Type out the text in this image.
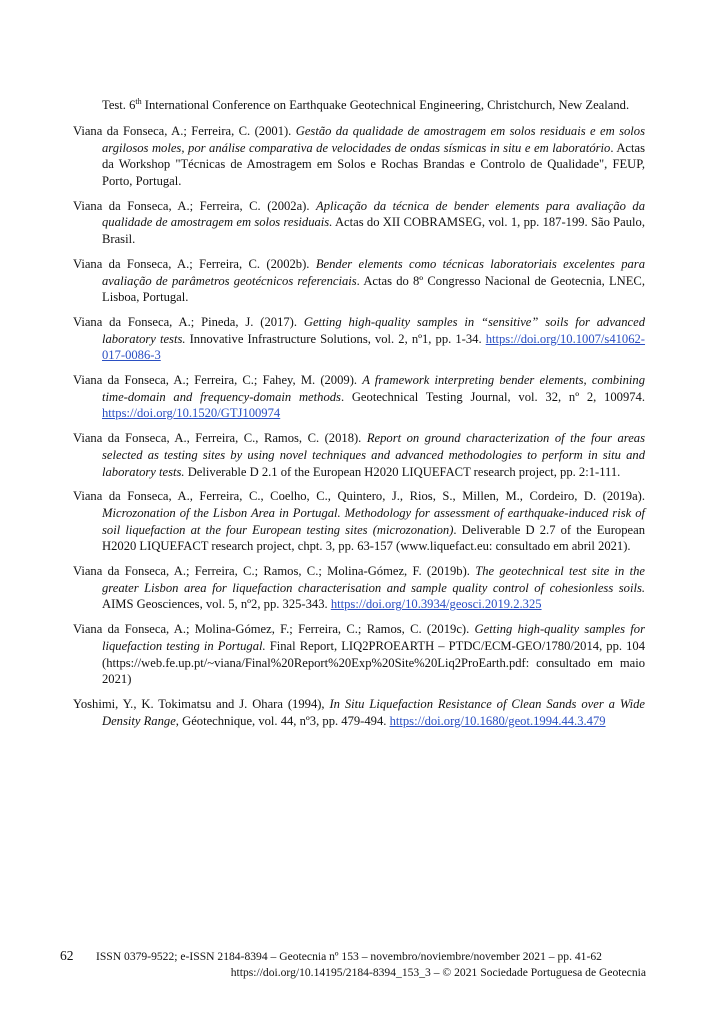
Test. 6th International Conference on Earthquake Geotechnical Engineering, Christchurch, New Zealand.

Viana da Fonseca, A.; Ferreira, C. (2001). Gestão da qualidade de amostragem em solos residuais e em solos argilosos moles, por análise comparativa de velocidades de ondas sísmicas in situ e em laboratório. Actas da Workshop "Técnicas de Amostragem em Solos e Rochas Brandas e Controlo de Qualidade", FEUP, Porto, Portugal.

Viana da Fonseca, A.; Ferreira, C. (2002a). Aplicação da técnica de bender elements para avaliação da qualidade de amostragem em solos residuais. Actas do XII COBRAMSEG, vol. 1, pp. 187-199. São Paulo, Brasil.

Viana da Fonseca, A.; Ferreira, C. (2002b). Bender elements como técnicas laboratoriais excelentes para avaliação de parâmetros geotécnicos referenciais. Actas do 8º Congresso Nacional de Geotecnia, LNEC, Lisboa, Portugal.

Viana da Fonseca, A.; Pineda, J. (2017). Getting high-quality samples in “sensitive” soils for advanced laboratory tests. Innovative Infrastructure Solutions, vol. 2, nº1, pp. 1-34. https://doi.org/10.1007/s41062-017-0086-3

Viana da Fonseca, A.; Ferreira, C.; Fahey, M. (2009). A framework interpreting bender elements, combining time-domain and frequency-domain methods. Geotechnical Testing Journal, vol. 32, nº 2, 100974. https://doi.org/10.1520/GTJ100974

Viana da Fonseca, A., Ferreira, C., Ramos, C. (2018). Report on ground characterization of the four areas selected as testing sites by using novel techniques and advanced methodologies to perform in situ and laboratory tests. Deliverable D 2.1 of the European H2020 LIQUEFACT research project, pp. 2:1-111.

Viana da Fonseca, A., Ferreira, C., Coelho, C., Quintero, J., Rios, S., Millen, M., Cordeiro, D. (2019a). Microzonation of the Lisbon Area in Portugal. Methodology for assessment of earthquake-induced risk of soil liquefaction at the four European testing sites (microzonation). Deliverable D 2.7 of the European H2020 LIQUEFACT research project, chpt. 3, pp. 63-157 (www.liquefact.eu: consultado em abril 2021).

Viana da Fonseca, A.; Ferreira, C.; Ramos, C.; Molina-Gómez, F. (2019b). The geotechnical test site in the greater Lisbon area for liquefaction characterisation and sample quality control of cohesionless soils. AIMS Geosciences, vol. 5, nº2, pp. 325-343. https://doi.org/10.3934/geosci.2019.2.325

Viana da Fonseca, A.; Molina-Gómez, F.; Ferreira, C.; Ramos, C. (2019c). Getting high-quality samples for liquefaction testing in Portugal. Final Report, LIQ2PROEARTH – PTDC/ECM-GEO/1780/2014, pp. 104 (https://web.fe.up.pt/~viana/Final%20Report%20Exp%20Site%20Liq2ProEarth.pdf: consultado em maio 2021)

Yoshimi, Y., K. Tokimatsu and J. Ohara (1994), In Situ Liquefaction Resistance of Clean Sands over a Wide Density Range, Géotechnique, vol. 44, nº3, pp. 479-494. https://doi.org/10.1680/geot.1994.44.3.479

62	ISSN 0379-9522; e-ISSN 2184-8394 – Geotecnia nº 153 – novembro/noviembre/november 2021 – pp. 41-62
https://doi.org/10.14195/2184-8394_153_3 – © 2021 Sociedade Portuguesa de Geotecnia
